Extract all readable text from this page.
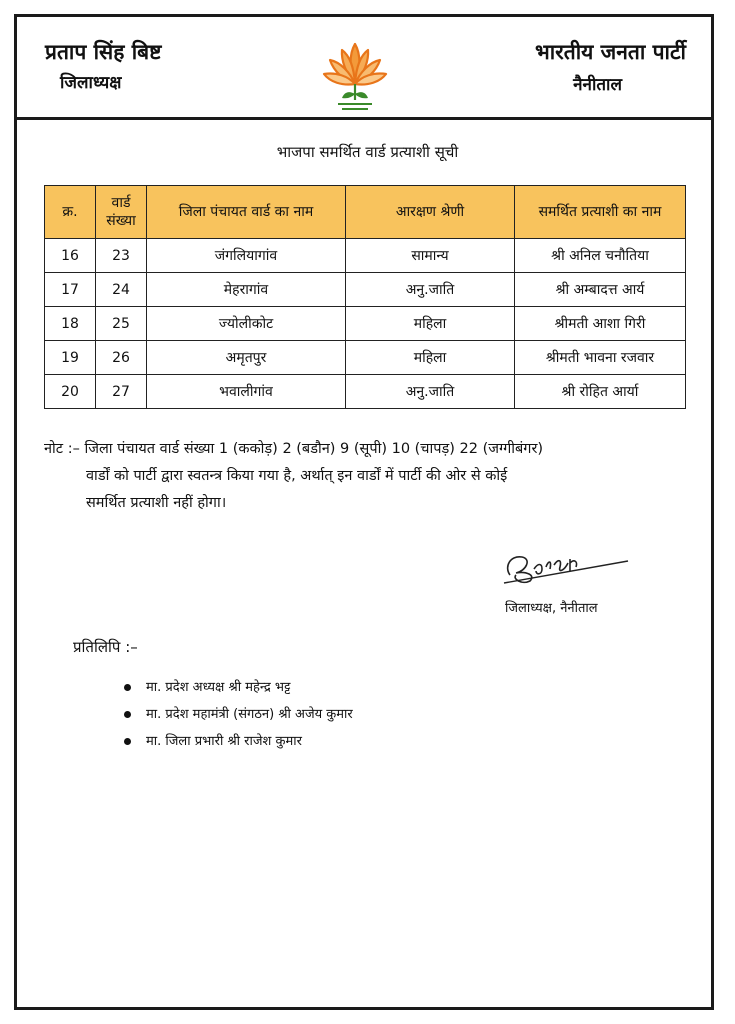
प्रताप सिंह बिष्ट
जिलाध्यक्ष
भारतीय जनता पार्टी
नैनीताल
भाजपा समर्थित वार्ड प्रत्याशी सूची
क्र.	वार्ड संख्या	जिला पंचायत वार्ड का नाम	आरक्षण श्रेणी	समर्थित प्रत्याशी का नाम
16	23	जंगलियागांव	सामान्य	श्री अनिल चनौतिया
17	24	मेहरागांव	अनु.जाति	श्री अम्बादत्त आर्य
18	25	ज्योलीकोट	महिला	श्रीमती आशा गिरी
19	26	अमृतपुर	महिला	श्रीमती भावना रजवार
20	27	भवालीगांव	अनु.जाति	श्री रोहित आर्या
नोट :– जिला पंचायत वार्ड संख्या 1 (ककोड़) 2 (बडौन) 9 (सूपी) 10 (चापड़) 22 (जग्गीबंगर)
वार्डों को पार्टी द्वारा स्वतन्त्र किया गया है, अर्थात् इन वार्डों में पार्टी की ओर से कोई
समर्थित प्रत्याशी नहीं होगा।
जिलाध्यक्ष, नैनीताल
प्रतिलिपि :–
मा. प्रदेश अध्यक्ष श्री महेन्द्र भट्ट
मा. प्रदेश महामंत्री (संगठन) श्री अजेय कुमार
मा. जिला प्रभारी श्री राजेश कुमार
